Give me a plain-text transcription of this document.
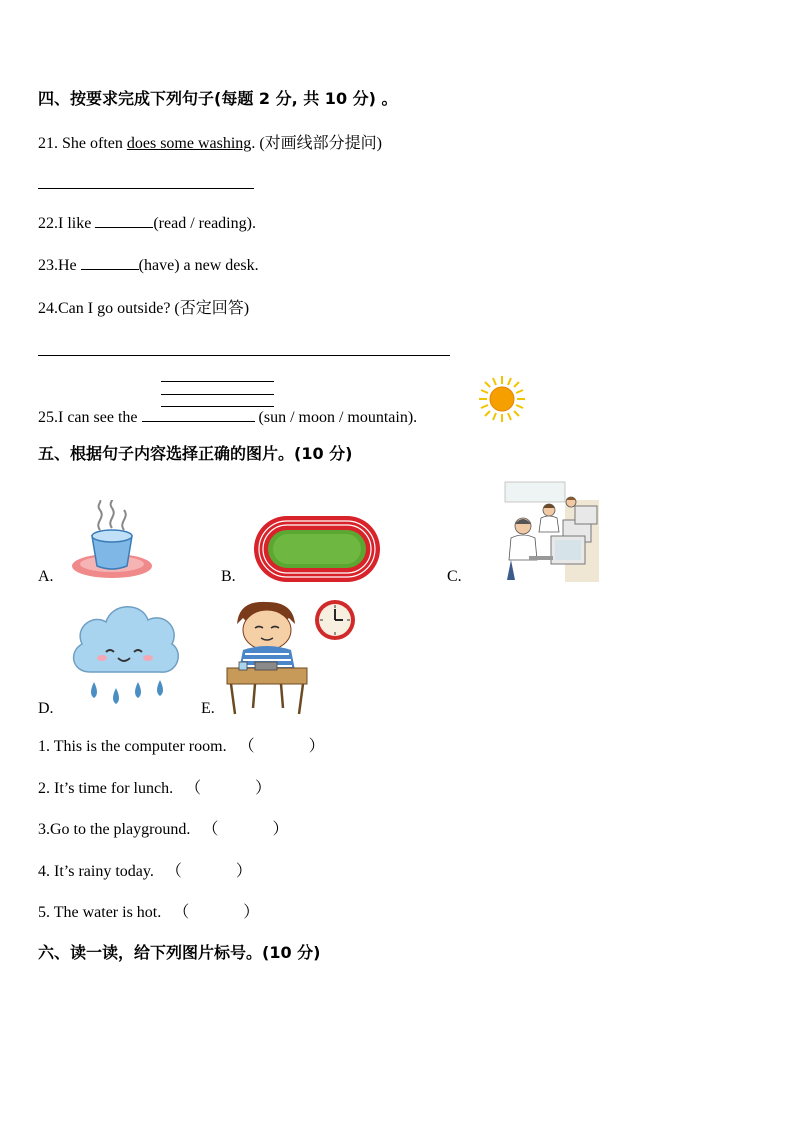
四、按要求完成下列句子(每题 2 分, 共 10 分) 。
21. She often does some washing. (对画线部分提问)
22.I like	(read / reading).
23.He	(have) a new desk.
24.Can I go outside? (否定回答)
25.I can see the	(sun / moon / mountain).
五、根据句子内容选择正确的图片。(10 分)
A.	B.	C.
D.	E.
1. This is the computer room. （	）
2. It’s time for lunch. （	）
3.Go to the playground. （	）
4. It’s rainy today. （	）
5. The water is hot. （	）
六、读一读，给下列图片标号。(10 分)
